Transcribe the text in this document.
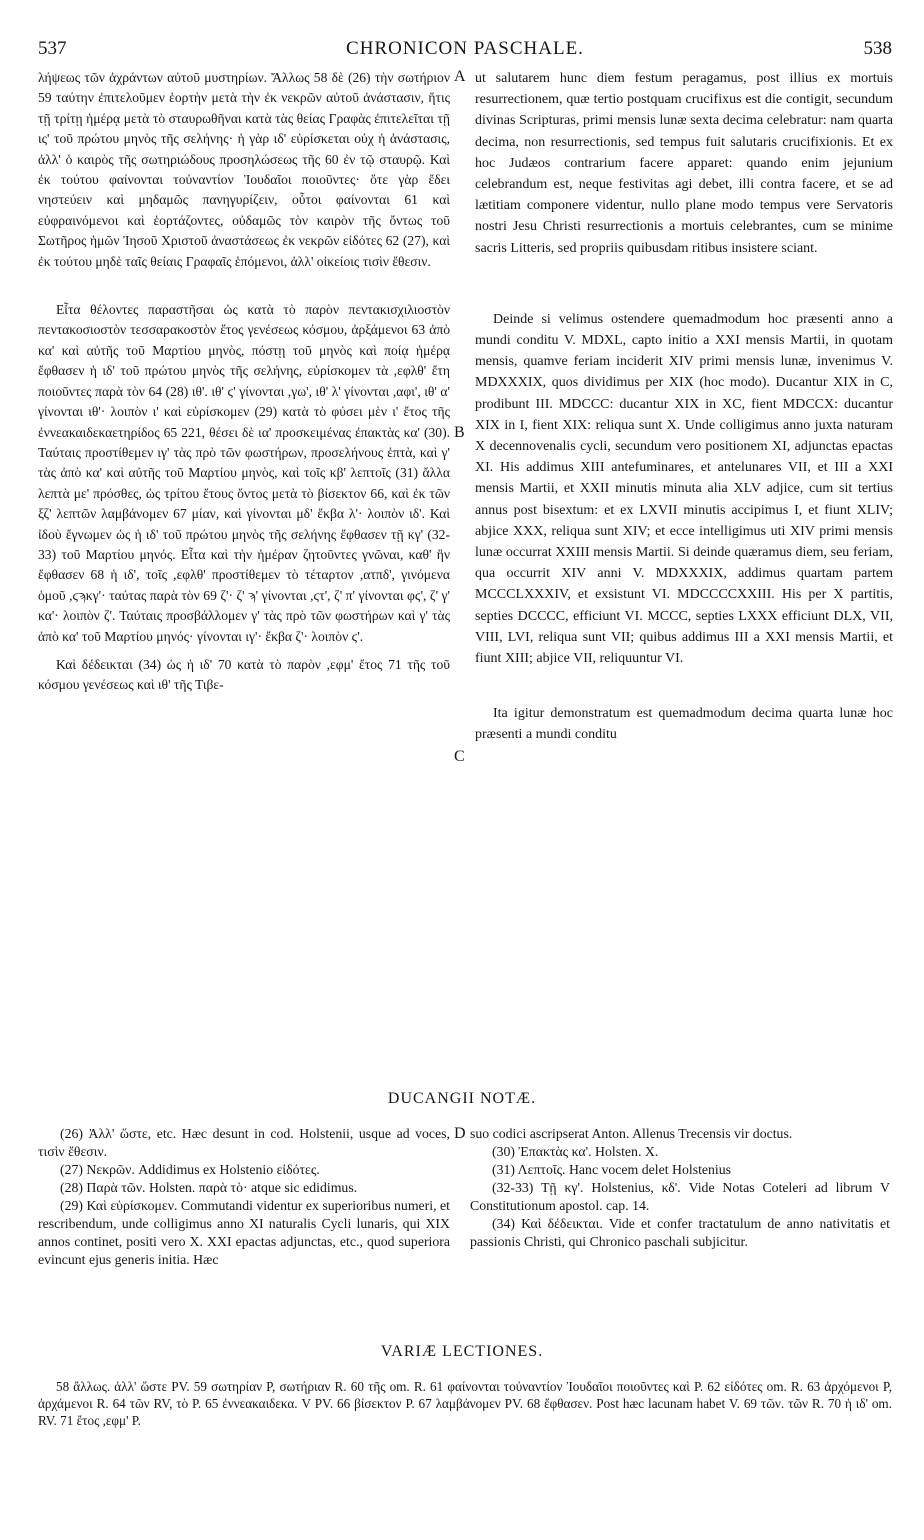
537	CHRONICON PASCHALE.	538

λήψεως τῶν ἀχράντων αὐτοῦ μυστηρίων. Ἄλλως 58 δὲ (26) τὴν σωτήριον 59 ταύτην ἐπιτελοῦμεν ἑορτὴν μετὰ τὴν ἐκ νεκρῶν αὐτοῦ ἀνάστασιν, ἥτις τῇ τρίτῃ ἡμέρᾳ μετὰ τὸ σταυρωθῆναι κατὰ τὰς θείας Γραφὰς ἐπιτελεῖται τῇ ις' τοῦ πρώτου μηνὸς τῆς σελήνης· ἡ γὰρ ιδ' εὑρίσκεται οὐχ ἡ ἀνάστασις, ἀλλ' ὁ καιρὸς τῆς σωτηριώδους προσηλώσεως τῆς 60 ἐν τῷ σταυρῷ. Καὶ ἐκ τούτου φαίνονται τοὐναντίον Ἰουδαῖοι ποιοῦντες· ὅτε γὰρ ἔδει νηστεύειν καὶ μηδαμῶς πανηγυρίζειν, οὗτοι φαίνονται 61 καὶ εὐφραινόμενοι καὶ ἑορτάζοντες, οὐδαμῶς τὸν καιρὸν τῆς ὄντως τοῦ Σωτῆρος ἡμῶν Ἰησοῦ Χριστοῦ ἀναστάσεως ἐκ νεκρῶν εἰδότες 62 (27), καὶ ἐκ τούτου μηδὲ ταῖς θείαις Γραφαῖς ἑπόμενοι, ἀλλ' οἰκείοις τισὶν ἔθεσιν.

Εἶτα θέλοντες παραστῆσαι ὡς κατὰ τὸ παρὸν πεντακισχιλιοστὸν πεντακοσιοστὸν τεσσαρακοστὸν ἔτος γενέσεως κόσμου, ἀρξάμενοι 63 ἀπὸ κα' καὶ αὐτῆς τοῦ Μαρτίου μηνὸς, πόστῃ τοῦ μηνὸς καὶ ποίᾳ ἡμέρᾳ ἔφθασεν ἡ ιδ' τοῦ πρώτου μηνὸς τῆς σελήνης, εὑρίσκομεν τὰ ,εφλθ' ἔτη ποιοῦντες παρὰ τὸν 64 (28) ιθ'. ιθ' ϛ' γίνονται ,γω', ιθ' λ' γίνονται ,αφι', ιθ' α' γίνονται ιθ'· λοιπὸν ι' καὶ εὑρίσκομεν (29) κατὰ τὸ φύσει μὲν ι' ἔτος τῆς ἐννεακαιδεκαετηρίδος 65 221, θέσει δὲ ια' προσκειμένας ἐπακτὰς κα' (30). Ταύταις προστίθεμεν ιγ' τὰς πρὸ τῶν φωστήρων, προσελήνους ἑπτὰ, καὶ γ' τὰς ἀπὸ κα' καὶ αὐτῆς τοῦ Μαρτίου μηνὸς, καὶ τοῖς κβ' λεπτοῖς (31) ἄλλα λεπτὰ με' πρόσθες, ὡς τρίτου ἔτους ὄντος μετὰ τὸ βίσεκτον 66, καὶ ἐκ τῶν ξζ' λεπτῶν λαμβάνομεν 67 μίαν, καὶ γίνονται μδ' ἔκβα λ'· λοιπὸν ιδ'. Καὶ ἰδοὺ ἔγνωμεν ὡς ἡ ιδ' τοῦ πρώτου μηνὸς τῆς σελήνης ἔφθασεν τῇ κγ' (32-33) τοῦ Μαρτίου μηνός. Εἶτα καὶ τὴν ἡμέραν ζητοῦντες γνῶναι, καθ' ἣν ἔφθασεν 68 ἡ ιδ', τοῖς ,εφλθ' προστίθεμεν τὸ τέταρτον ,ατπδ', γινόμενα ὁμοῦ ,ϛϡκγ'· ταύτας παρὰ τὸν 69 ζ'· ζ' ϡ' γίνονται ,ϛτ', ζ' π' γίνονται φϛ', ζ' γ' κα'· λοιπὸν ζ'. Ταύταις προσβάλλομεν γ' τὰς πρὸ τῶν φωστήρων καὶ γ' τὰς ἀπὸ κα' τοῦ Μαρτίου μηνός· γίνονται ιγ'· ἔκβα ζ'· λοιπὸν ϛ'.

Καὶ δέδεικται (34) ὡς ἡ ιδ' 70 κατὰ τὸ παρὸν ,εφμ' ἔτος 71 τῆς τοῦ κόσμου γενέσεως καὶ ιθ' τῆς Τιβε-

A
B
C
D

ut salutarem hunc diem festum peragamus, post illius ex mortuis resurrectionem, quæ tertio postquam crucifixus est die contigit, secundum divinas Scripturas, primi mensis lunæ sexta decima celebratur: nam quarta decima, non resurrectionis, sed tempus fuit salutaris crucifixionis. Et ex hoc Judæos contrarium facere apparet: quando enim jejunium celebrandum est, neque festivitas agi debet, illi contra facere, et se ad lætitiam componere videntur, nullo plane modo tempus vere Servatoris nostri Jesu Christi resurrectionis a mortuis celebrantes, cum se minime sacris Litteris, sed propriis quibusdam ritibus insistere sciant.

Deinde si velimus ostendere quemadmodum hoc præsenti anno a mundi conditu V. MDXL, capto initio a XXI mensis Martii, in quotam mensis, quamve feriam inciderit XIV primi mensis lunæ, invenimus V. MDXXXIX, quos dividimus per XIX (hoc modo). Ducantur XIX in C, prodibunt III. MDCCC: ducantur XIX in XC, fient MDCCX: ducantur XIX in I, fient XIX: reliqua sunt X. Unde colligimus anno juxta naturam X decennovenalis cycli, secundum vero positionem XI, adjunctas epactas XI. His addimus XIII antefuminares, et antelunares VII, et III a XXI mensis Martii, et XXII minutis minuta alia XLV adjice, cum sit tertius annus post bisextum: et ex LXVII minutis accipimus I, et fiunt XLIV; abjice XXX, reliqua sunt XIV; et ecce intelligimus uti XIV primi mensis lunæ occurrat XXIII mensis Martii. Si deinde quæramus diem, seu feriam, qua occurrit XIV anni V. MDXXXIX, addimus quartam partem MCCCLXXXIV, et exsistunt VI. MDCCCCXXIII. His per X partitis, septies DCCCC, efficiunt VI. MCCC, septies LXXX efficiunt DLX, VII, VIII, LVI, reliqua sunt VII; quibus addimus III a XXI mensis Martii, et fiunt XIII; abjice VII, reliquuntur VI.

Ita igitur demonstratum est quemadmodum decima quarta lunæ hoc præsenti a mundi conditu

DUCANGII NOTÆ.

(26) Ἀλλ' ὥστε, etc. Hæc desunt in cod. Holstenii, usque ad voces, τισὶν ἔθεσιν.

(27) Νεκρῶν. Addidimus ex Holstenio εἰδότες.

(28) Παρὰ τῶν. Holsten. παρὰ τὸ· atque sic edidimus.

(29) Καὶ εὑρίσκομεν. Commutandi videntur ex superioribus numeri, et rescribendum, unde colligimus anno XI naturalis Cycli lunaris, qui XIX annos continet, positi vero X. XXI epactas adjunctas, etc., quod superiora evincunt ejus generis initia. Hæc

suo codici ascripserat Anton. Allenus Trecensis vir doctus.

(30) Ἐπακτὰς κα'. Holsten. X.

(31) Λεπτοῖς. Hanc vocem delet Holstenius

(32-33) Τῇ κγ'. Holstenius, κδ'. Vide Notas Coteleri ad librum V Constitutionum apostol. cap. 14.

(34) Καὶ δέδεικται. Vide et confer tractatulum de anno nativitatis et passionis Christi, qui Chronico paschali subjicitur.

VARIÆ LECTIONES.

58 ἄλλως. ἀλλ' ὥστε PV. 59 σωτηρίαν P, σωτήριαν R. 60 τῆς om. R. 61 φαίνονται τοὐναντίον Ἰουδαῖοι ποιοῦντες καὶ P. 62 εἰδότες om. R. 63 ἀρχόμενοι P, ἀρχάμενοι R. 64 τῶν RV, τὸ P. 65 ἐννεακαιδεκα. V PV. 66 βίσεκτον P. 67 λαμβάνομεν PV. 68 ἔφθασεν. Post hæc lacunam habet V. 69 τῶν. τῶν R. 70 ἡ ιδ' om. RV. 71 ἔτος ,εφμ' P.
